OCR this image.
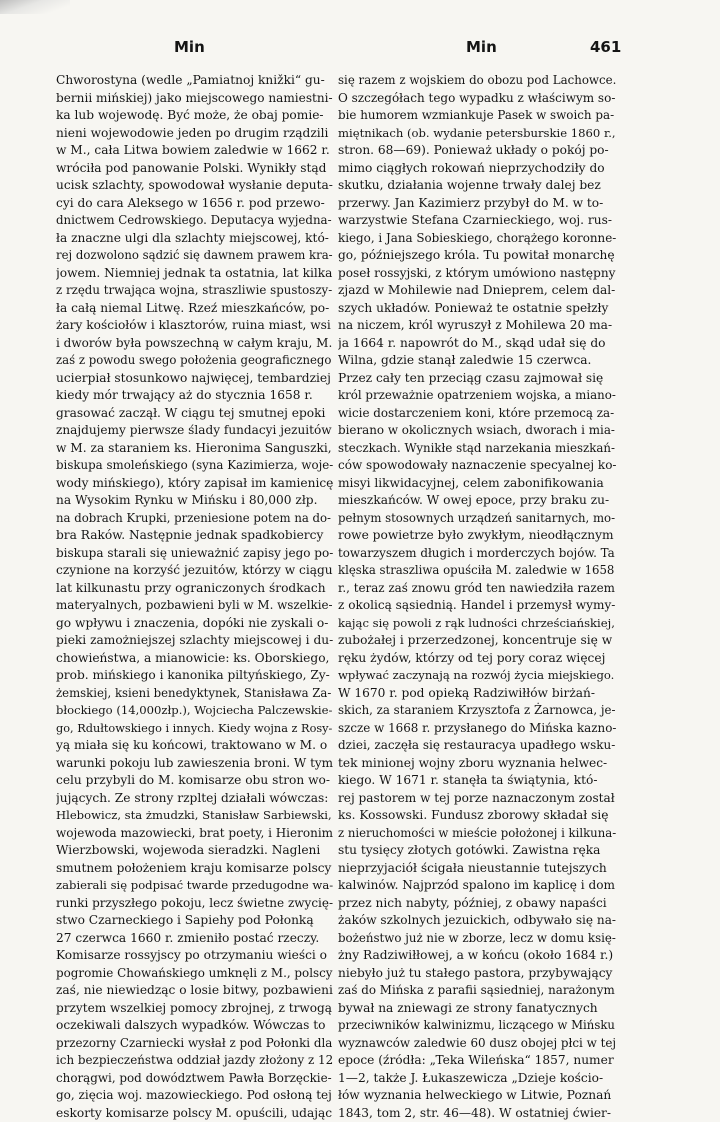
Min	Min	461
Chworostyna (wedle „Pamiatnoj knižki“ gu-
bernii mińskiej) jako miejscowego namiestni-
ka lub wojewodę. Być może, że obaj pomie-
nieni wojewodowie jeden po drugim rządzili
w M., cała Litwa bowiem zaledwie w 1662 r.
wróciła pod panowanie Polski. Wynikły stąd
ucisk szlachty, spowodował wysłanie deputa-
cyi do cara Aleksego w 1656 r. pod przewo-
dnictwem Cedrowskiego. Deputacya wyjedna-
ła znaczne ulgi dla szlachty miejscowej, któ-
rej dozwolono sądzić się dawnem prawem kra-
jowem. Niemniej jednak ta ostatnia, lat kilka
z rzędu trwająca wojna, straszliwie spustoszy-
ła całą niemal Litwę. Rzeź mieszkańców, po-
żary kościołów i klasztorów, ruina miast, wsi
i dworów była powszechną w całym kraju, M.
zaś z powodu swego położenia geograficznego
ucierpiał stosunkowo najwięcej, tembardziej
kiedy mór trwający aż do stycznia 1658 r.
grasować zaczął. W ciągu tej smutnej epoki
znajdujemy pierwsze ślady fundacyi jezuitów
w M. za staraniem ks. Hieronima Sanguszki,
biskupa smoleńskiego (syna Kazimierza, woje-
wody mińskiego), który zapisał im kamienicę
na Wysokim Rynku w Mińsku i 80,000 złp.
na dobrach Krupki, przeniesione potem na do-
bra Raków. Następnie jednak spadkobiercy
biskupa starali się unieważnić zapisy jego po-
czynione na korzyść jezuitów, którzy w ciągu
lat kilkunastu przy ograniczonych środkach
materyalnych, pozbawieni byli w M. wszelkie-
go wpływu i znaczenia, dopóki nie zyskali o-
pieki zamożniejszej szlachty miejscowej i du-
chowieństwa, a mianowicie: ks. Oborskiego,
prob. mińskiego i kanonika piltyńskiego, Zy-
żemskiej, ksieni benedyktynek, Stanisława Za-
błockiego (14,000złp.), Wojciecha Palczewskie-
go, Rdułtowskiego i innych. Kiedy wojna z Rosy-
yą miała się ku końcowi, traktowano w M. o
warunki pokoju lub zawieszenia broni. W tym
celu przybyli do M. komisarze obu stron wo-
jujących. Ze strony rzpltej działali wówczas:
Hlebowicz, sta żmudzki, Stanisław Sarbiewski,
wojewoda mazowiecki, brat poety, i Hieronim
Wierzbowski, wojewoda sieradzki. Nagleni
smutnem położeniem kraju komisarze polscy
zabierali się podpisać twarde przedugodne wa-
runki przyszłego pokoju, lecz świetne zwycię-
stwo Czarneckiego i Sapiehy pod Połonką
27 czerwca 1660 r. zmieniło postać rzeczy.
Komisarze rossyjscy po otrzymaniu wieści o
pogromie Chowańskiego umknęli z M., polscy
zaś, nie niewiedząc o losie bitwy, pozbawieni
przytem wszelkiej pomocy zbrojnej, z trwogą
oczekiwali dalszych wypadków. Wówczas to
przezorny Czarniecki wysłał z pod Połonki dla
ich bezpieczeństwa oddział jazdy złożony z 12
chorągwi, pod dowództwem Pawła Borzęckie-
go, zięcia woj. mazowieckiego. Pod osłoną tej
eskorty komisarze polscy M. opuścili, udając
się razem z wojskiem do obozu pod Lachowce.
O szczegółach tego wypadku z właściwym so-
bie humorem wzmiankuje Pasek w swoich pa-
miętnikach (ob. wydanie petersburskie 1860 r.,
stron. 68—69). Ponieważ układy o pokój po-
mimo ciągłych rokowań nieprzychodziły do
skutku, działania wojenne trwały dalej bez
przerwy. Jan Kazimierz przybył do M. w to-
warzystwie Stefana Czarnieckiego, woj. rus-
kiego, i Jana Sobieskiego, chorążego koronne-
go, późniejszego króla. Tu powitał monarchę
poseł rossyjski, z którym umówiono następny
zjazd w Mohilewie nad Dnieprem, celem dal-
szych układów. Ponieważ te ostatnie spełzły
na niczem, król wyruszył z Mohilewa 20 ma-
ja 1664 r. napowrót do M., skąd udał się do
Wilna, gdzie stanął zaledwie 15 czerwca.
Przez cały ten przeciąg czasu zajmował się
król przeważnie opatrzeniem wojska, a miano-
wicie dostarczeniem koni, które przemocą za-
bierano w okolicznych wsiach, dworach i mia-
steczkach. Wynikłe stąd narzekania mieszkań-
ców spowodowały naznaczenie specyalnej ko-
misyi likwidacyjnej, celem zabonifikowania
mieszkańców. W owej epoce, przy braku zu-
pełnym stosownych urządzeń sanitarnych, mo-
rowe powietrze było zwykłym, nieodłącznym
towarzyszem długich i morderczych bojów. Ta
klęska straszliwa opuściła M. zaledwie w 1658
r., teraz zaś znowu gród ten nawiedziła razem
z okolicą sąsiednią. Handel i przemysł wymy-
kając się powoli z rąk ludności chrześciańskiej,
zubożałej i przerzedzonej, koncentruje się w
ręku żydów, którzy od tej pory coraz więcej
wpływać zaczynają na rozwój życia miejskiego.
W 1670 r. pod opieką Radziwiłłów birżań-
skich, za staraniem Krzysztofa z Żarnowca, je-
szcze w 1668 r. przysłanego do Mińska kazno-
dziei, zaczęła się restauracya upadłego wsku-
tek minionej wojny zboru wyznania helwec-
kiego. W 1671 r. stanęła ta świątynia, któ-
rej pastorem w tej porze naznaczonym został
ks. Kossowski. Fundusz zborowy składał się
z nieruchomości w mieście położonej i kilkuna-
stu tysięcy złotych gotówki. Zawistna ręka
nieprzyjaciół ścigała nieustannie tutejszych
kalwinów. Najprzód spalono im kaplicę i dom
przez nich nabyty, później, z obawy napaści
żaków szkolnych jezuickich, odbywało się na-
bożeństwo już nie w zborze, lecz w domu księ-
żny Radziwiłłowej, a w końcu (około 1684 r.)
niebyło już tu stałego pastora, przybywający
zaś do Mińska z parafii sąsiedniej, narażonym
bywał na zniewagi ze strony fanatycznych
przeciwników kalwinizmu, liczącego w Mińsku
wyznawców zaledwie 60 dusz obojej płci w tej
epoce (źródła: „Teka Wileńska“ 1857, numer
1—2, także J. Łukaszewicza „Dzieje kościo-
łów wyznania helweckiego w Litwie, Poznań
1843, tom 2, str. 46—48). W ostatniej ćwier-
